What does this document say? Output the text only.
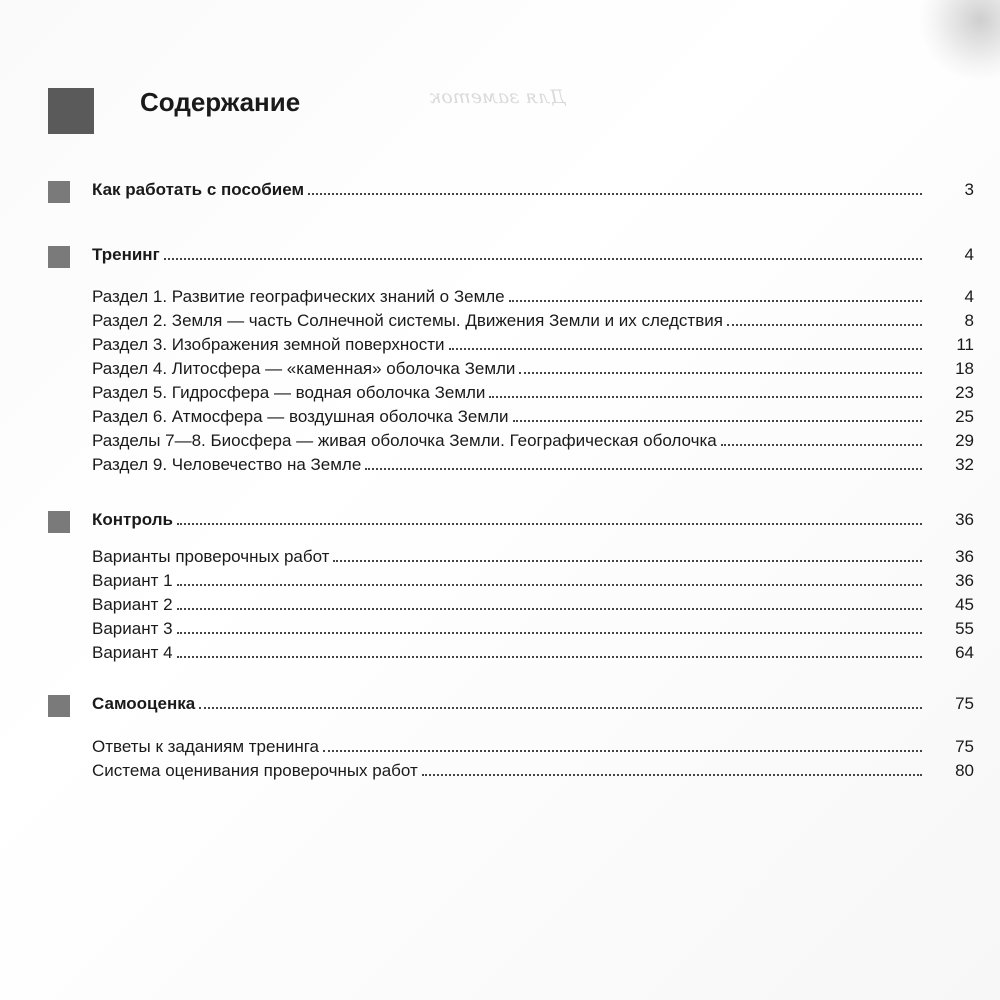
Содержание	Для заметок
Как работать с пособием	3
Тренинг	4
Раздел 1. Развитие географических знаний о Земле	4
Раздел 2. Земля — часть Солнечной системы. Движения Земли и их следствия	8
Раздел 3. Изображения земной поверхности	11
Раздел 4. Литосфера — «каменная» оболочка Земли	18
Раздел 5. Гидросфера — водная оболочка Земли	23
Раздел 6. Атмосфера — воздушная оболочка Земли	25
Разделы 7—8. Биосфера — живая оболочка Земли. Географическая оболочка	29
Раздел 9. Человечество на Земле	32
Контроль	36
Варианты проверочных работ	36
Вариант 1	36
Вариант 2	45
Вариант 3	55
Вариант 4	64
Самооценка	75
Ответы к заданиям тренинга	75
Система оценивания проверочных работ	80
